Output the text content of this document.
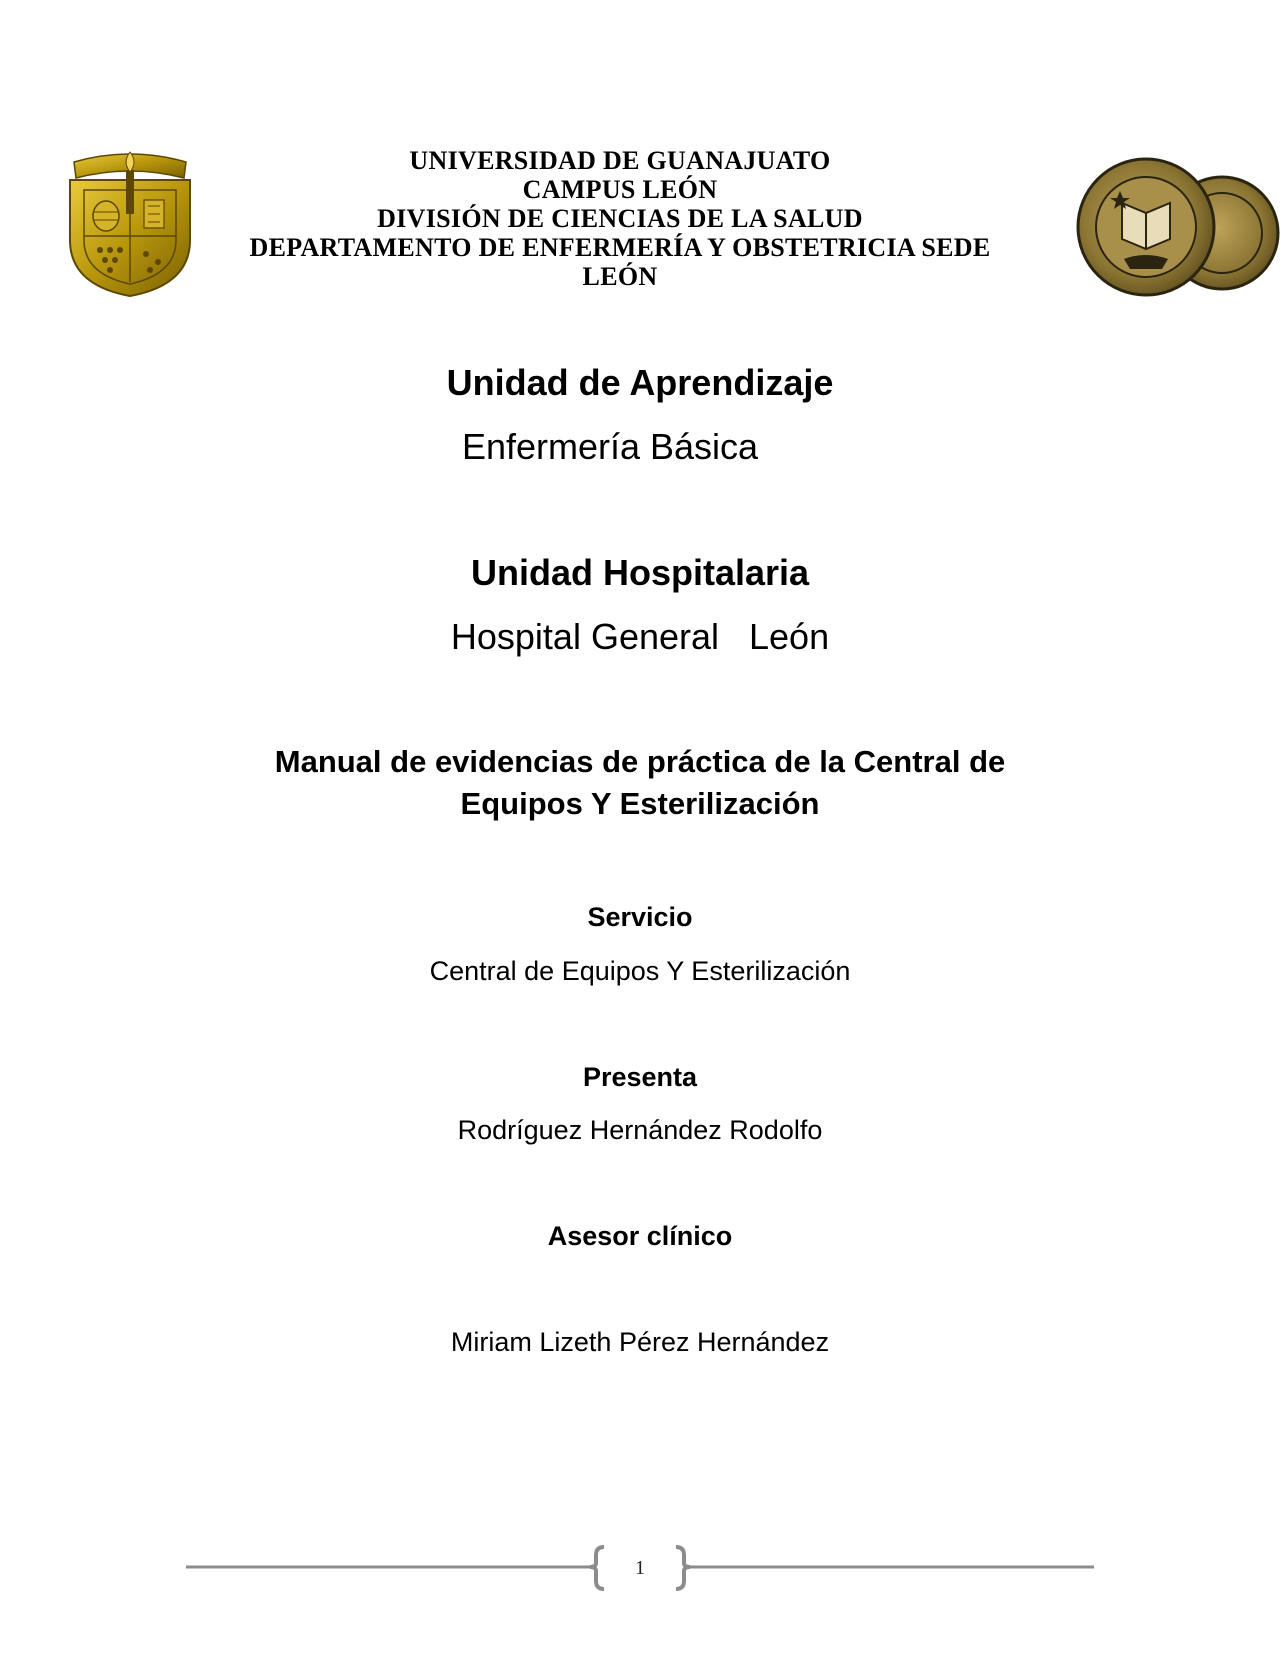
UNIVERSIDAD DE GUANAJUATO
CAMPUS LEÓN
DIVISIÓN DE CIENCIAS DE LA SALUD
DEPARTAMENTO DE ENFERMERÍA Y OBSTETRICIA SEDE
LEÓN
Unidad de Aprendizaje
Enfermería Básica
Unidad Hospitalaria
Hospital General   León
Manual de evidencias de práctica de la Central de
Equipos Y Esterilización
Servicio
Central de Equipos Y Esterilización
Presenta
Rodríguez Hernández Rodolfo
Asesor clínico
Miriam Lizeth Pérez Hernández
1
